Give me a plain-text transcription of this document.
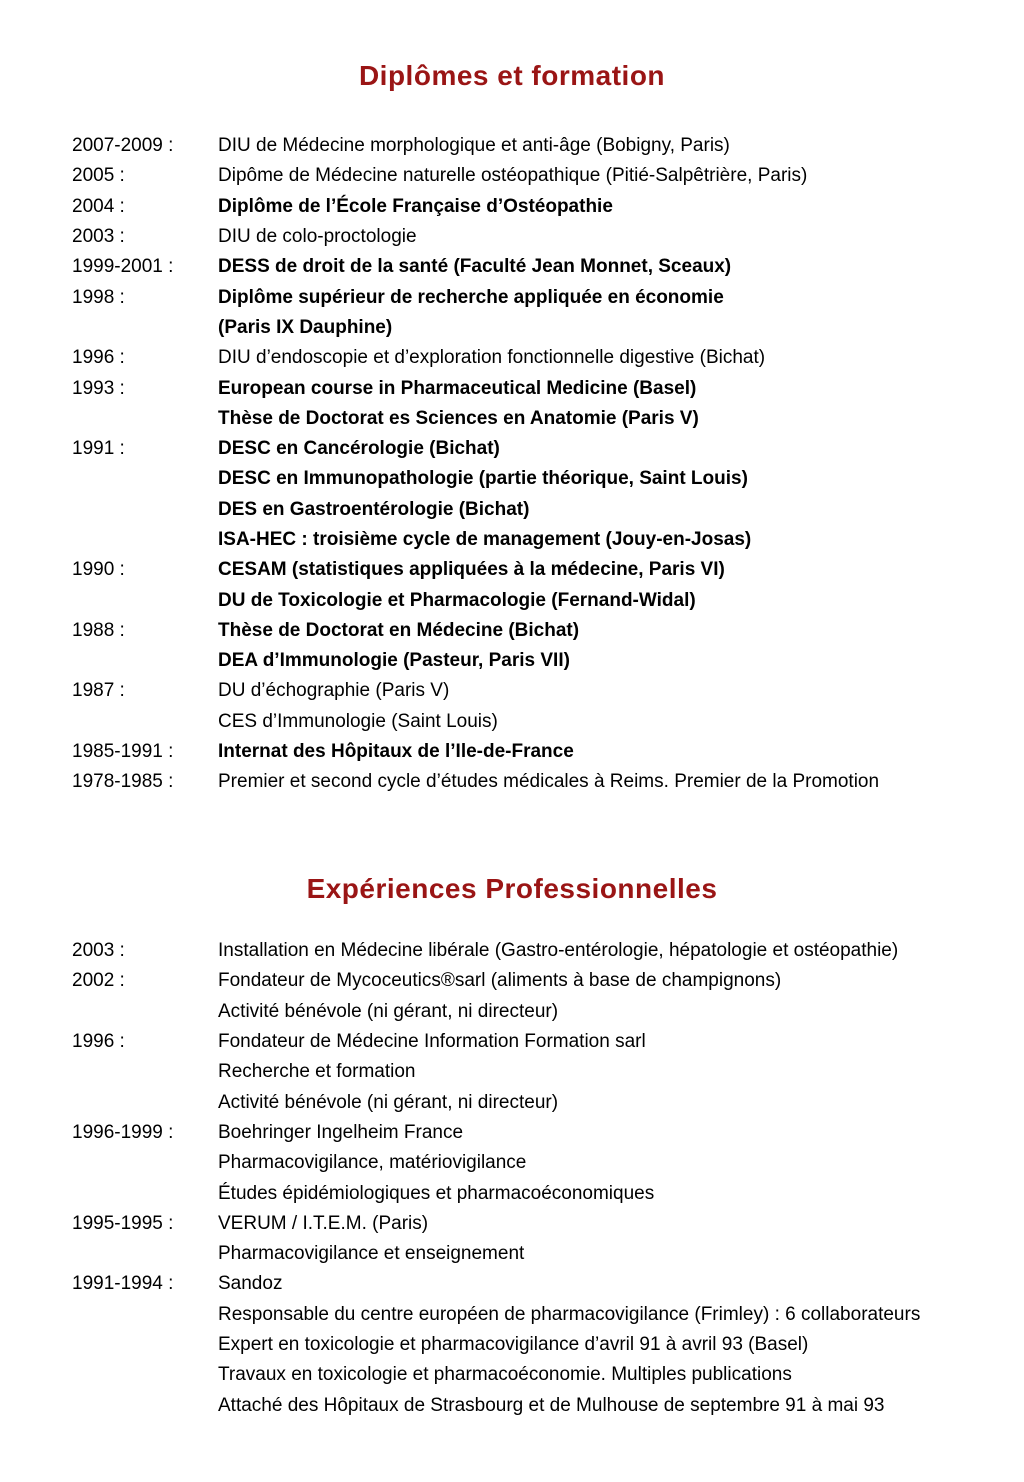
Diplômes et formation
2007-2009 :	DIU de Médecine morphologique et anti-âge (Bobigny, Paris)
2005 :	Dipôme de Médecine naturelle ostéopathique (Pitié-Salpêtrière, Paris)
2004 :	Diplôme de l’École Française d’Ostéopathie
2003 :	DIU de colo-proctologie
1999-2001 :	DESS de droit de la santé (Faculté Jean Monnet, Sceaux)
1998 :	Diplôme supérieur de recherche appliquée en économie
(Paris IX Dauphine)
1996 :	DIU d’endoscopie et d’exploration fonctionnelle digestive (Bichat)
1993 :	European course in Pharmaceutical Medicine (Basel)
Thèse de Doctorat es Sciences en Anatomie (Paris V)
1991 :	DESC en Cancérologie (Bichat)
DESC en Immunopathologie (partie théorique, Saint Louis)
DES en Gastroentérologie (Bichat)
ISA-HEC : troisième cycle de management (Jouy-en-Josas)
1990 :	CESAM (statistiques appliquées à la médecine, Paris VI)
DU de Toxicologie et Pharmacologie (Fernand-Widal)
1988 :	Thèse de Doctorat en Médecine (Bichat)
DEA d’Immunologie (Pasteur, Paris VII)
1987 :	DU d’échographie (Paris V)
CES d’Immunologie (Saint Louis)
1985-1991 :	Internat des Hôpitaux de l’Ile-de-France
1978-1985 :	Premier et second cycle d’études médicales à Reims. Premier de la Promotion
Expériences Professionnelles
2003 :	Installation en Médecine libérale (Gastro-entérologie, hépatologie et ostéopathie)
2002 :	Fondateur de Mycoceutics®sarl (aliments à base de champignons)
Activité bénévole (ni gérant, ni directeur)
1996 :	Fondateur de Médecine Information Formation sarl
Recherche et formation
Activité bénévole (ni gérant, ni directeur)
1996-1999 :	Boehringer Ingelheim France
Pharmacovigilance, matériovigilance
Études épidémiologiques et pharmacoéconomiques
1995-1995 :	VERUM / I.T.E.M. (Paris)
Pharmacovigilance et enseignement
1991-1994 :	Sandoz
Responsable du centre européen de pharmacovigilance (Frimley) : 6 collaborateurs
Expert en toxicologie et pharmacovigilance d’avril 91 à avril 93 (Basel)
Travaux en toxicologie et pharmacoéconomie. Multiples publications
Attaché des Hôpitaux de Strasbourg et de Mulhouse de septembre 91 à mai 93
